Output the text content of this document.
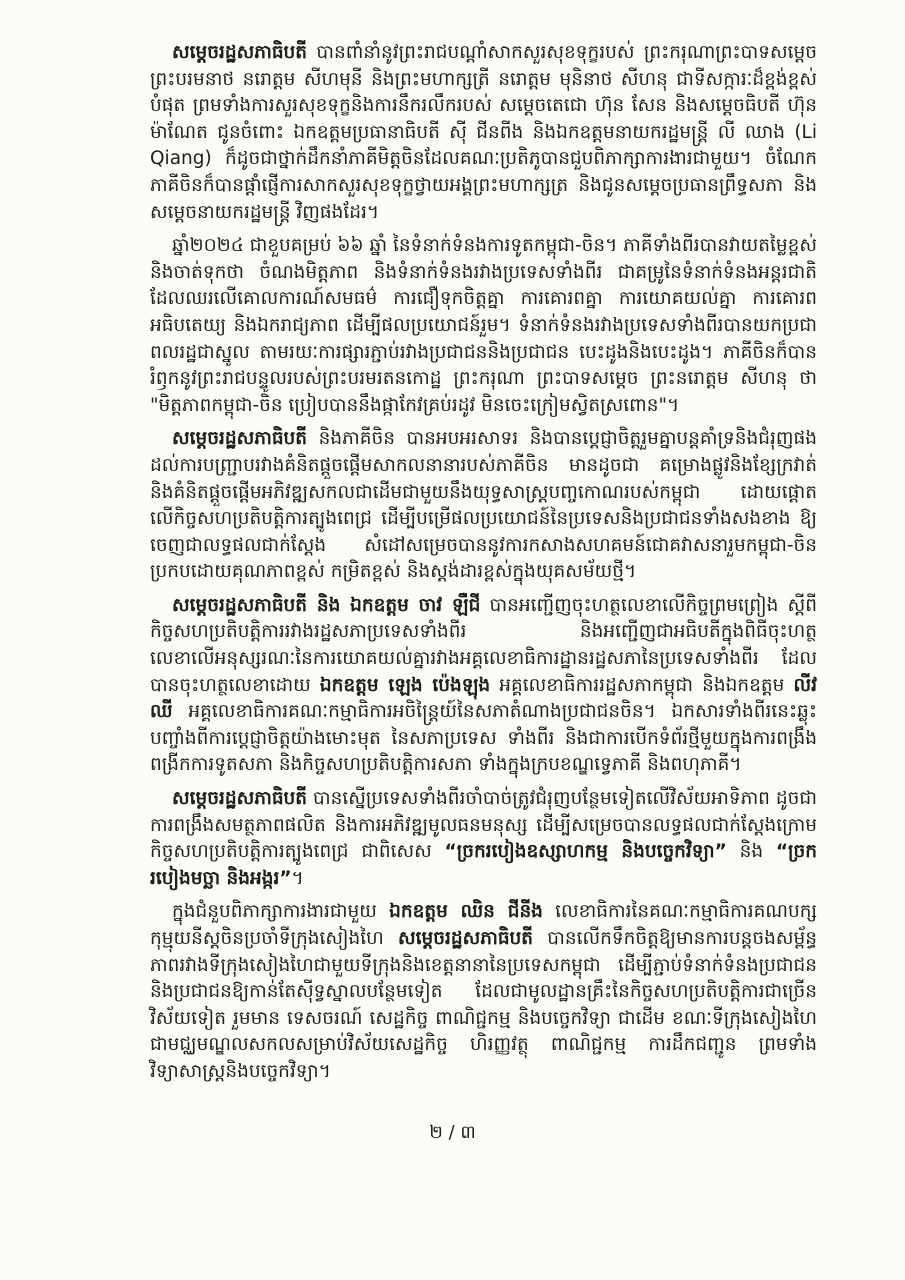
សម្តេចរដ្ឋសភាធិបតី បានពាំនាំនូវព្រះរាជបណ្តាំសាកសួរសុខទុក្ខរបស់ ព្រះករុណាព្រះបាទសម្តេចព្រះបរមនាថ នរោត្តម សីហមុនី និងព្រះមហាក្សត្រី នរោត្តម មុនិនាថ សីហនុ ជាទីសក្ការៈដ៏ខ្ពង់ខ្ពស់បំផុត ព្រមទាំងការសួរសុខទុក្ខនិងការនឹករលឹករបស់ សម្តេចតេជោ ហ៊ុន សែន និងសម្តេចធិបតី ហ៊ុន ម៉ាណែត ជូនចំពោះ ឯកឧត្តមប្រធានាធិបតី ស៊ី ជីនពីង និងឯកឧត្តមនាយករដ្ឋមន្រ្តី លី ឈាង (Li Qiang) ក៏ដូចជាថ្នាក់ដឹកនាំភាគីមិត្តចិនដែលគណៈប្រតិភូបានជួបពិភាក្សាការងារជាមួយ។ ចំណែកភាគីចិនក៏បានផ្តាំផ្ញើការសាកសួរសុខទុក្ខថ្វាយអង្គព្រះមហាក្សត្រ និងជូនសម្តេចប្រធានព្រឹទ្ធសភា និងសម្តេចនាយករដ្ឋមន្ត្រី វិញផងដែរ។

ឆ្នាំ២០២៤ ជាខួបគម្រប់ ៦៦ ឆ្នាំ នៃទំនាក់ទំនងការទូតកម្ពុជា-ចិន។ ភាគីទាំងពីរបានវាយតម្លៃខ្ពស់ និងចាត់ទុកថា ចំណងមិត្តភាព និងទំនាក់ទំនងរវាងប្រទេសទាំងពីរ ជាគម្រូនៃទំនាក់ទំនងអន្តរជាតិ ដែលឈរលើគោលការណ៍សមធម៌ ការជឿទុកចិត្តគ្នា ការគោរពគ្នា ការយោគយល់គ្នា ការគោរពអធិបតេយ្យ និងឯករាជ្យភាព ដើម្បីផលប្រយោជន៍រួម។ ទំនាក់ទំនងរវាងប្រទេសទាំងពីរបានយកប្រជាពលរដ្ឋជាស្នូល តាមរយៈការផ្សារភ្ជាប់រវាងប្រជាជននិងប្រជាជន បេះដូងនិងបេះដូង។ ភាគីចិនក៏បានរំឭកនូវព្រះរាជបន្ទូលរបស់ព្រះបរមរតនកោដ្ឋ ព្រះករុណា ព្រះបាទសម្តេច ព្រះនរោត្តម សីហនុ ថា "មិត្តភាពកម្ពុជា-ចិន ប្រៀបបាននឹងផ្កាកែវគ្រប់រដូវ មិនចេះក្រៀមស្វិតស្រពោន"។

សម្តេចរដ្ឋសភាធិបតី និងភាគីចិន បានអបអរសាទរ និងបានប្តេជ្ញាចិត្តរួមគ្នាបន្តគាំទ្រនិងជំរុញផងដល់ការបញ្ជ្រាបរវាងគំនិតផ្តួចផ្តើមសាកលនានារបស់ភាគីចិន មានដូចជា គម្រោងផ្លូវនិងខ្សែក្រវាត់ និងគំនិតផ្តួចផ្តើមអភិវឌ្ឍសកលជាដើមជាមួយនឹងយុទ្ធសាស្រ្តបញ្ចកោណរបស់កម្ពុជា ដោយផ្តោតលើកិច្ចសហប្រតិបត្តិការត្បូងពេជ្រ ដើម្បីបម្រើផលប្រយោជន៍នៃប្រទេសនិងប្រជាជនទាំងសងខាង ឱ្យចេញជាលទ្ធផលជាក់ស្តែង សំដៅសម្រេចបាននូវការកសាងសហគមន៍ជោគវាសនារួមកម្ពុជា-ចិន ប្រកបដោយគុណភាពខ្ពស់ កម្រិតខ្ពស់ និងស្តង់ដារខ្ពស់ក្នុងយុគសម័យថ្មី។

សម្តេចរដ្ឋសភាធិបតី និង ឯកឧត្តម ចាវ ឡឺជី បានអញ្ជើញចុះហត្ថលេខាលើកិច្ចព្រមព្រៀង ស្តីពីកិច្ចសហប្រតិបត្តិការរវាងរដ្ឋសភាប្រទេសទាំងពីរ និងអញ្ជើញជាអធិបតីក្នុងពិធីចុះហត្ថលេខាលើអនុស្សរណៈនៃការយោគយល់គ្នារវាងអគ្គលេខាធិការដ្ឋានរដ្ឋសភានៃប្រទេសទាំងពីរ ដែលបានចុះហត្ថលេខាដោយ ឯកឧត្តម ឡេង ប៉េងឡុង អគ្គលេខាធិការរដ្ឋសភាកម្ពុជា និងឯកឧត្តម លីវ ឈី អគ្គលេខាធិការគណៈកម្មាធិការអចិន្ត្រៃយ៍នៃសភាតំណាងប្រជាជនចិន។ ឯកសារទាំងពីរនេះឆ្លុះបញ្ចាំងពីការប្តេជ្ញាចិត្តយ៉ាងមោះមុត នៃសភាប្រទេស ទាំងពីរ និងជាការបើកទំព័រថ្មីមួយក្នុងការពង្រឹងពង្រីកការទូតសភា និងកិច្ចសហប្រតិបត្តិការសភា ទាំងក្នុងក្របខណ្ឌទ្វេភាគី និងពហុភាគី។

សម្តេចរដ្ឋសភាធិបតី បានស្នើប្រទេសទាំងពីរចាំបាច់ត្រូវជំរុញបន្ថែមទៀតលើវិស័យអាទិភាព ដូចជា ការពង្រឹងសមត្ថភាពផលិត និងការអភិវឌ្ឍមូលធនមនុស្ស ដើម្បីសម្រេចបានលទ្ធផលជាក់ស្តែងក្រោមកិច្ចសហប្រតិបត្តិការត្បូងពេជ្រ ជាពិសេស “ច្រករបៀងឧស្សាហកម្ម និងបច្ចេកវិទ្យា” និង “ច្រករបៀងមច្ឆា និងអង្ករ”។

ក្នុងជំនួបពិភាក្សាការងារជាមួយ ឯកឧត្តម ឈិន ជីនីង លេខាធិការនៃគណៈកម្មាធិការគណបក្សកុម្មុយនីស្តចិនប្រចាំទីក្រុងសៀងហៃ សម្តេចរដ្ឋសភាធិបតី បានលើកទឹកចិត្តឱ្យមានការបន្តចងសម្ព័ន្ធភាពរវាងទីក្រុងសៀងហៃជាមួយទីក្រុងនិងខេត្តនានានៃប្រទេសកម្ពុជា ដើម្បីភ្ជាប់ទំនាក់ទំនងប្រជាជននិងប្រជាជនឱ្យកាន់តែស៊ីទ្វស្នាលបន្ថែមទៀត ដែលជាមូលដ្ឋានគ្រឹះនៃកិច្ចសហប្រតិបត្តិការជាច្រើនវិស័យទៀត រួមមាន ទេសចរណ៍ សេដ្ឋកិច្ច ពាណិជ្ជកម្ម និងបច្ចេកវិទ្យា ជាដើម ខណៈទីក្រុងសៀងហៃ ជាមជ្ឈមណ្ឌលសកលសម្រាប់វិស័យសេដ្ឋកិច្ច ហិរញ្ញវត្ថុ ពាណិជ្ជកម្ម ការដឹកជញ្ជូន ព្រមទាំងវិទ្យាសាស្ត្រនិងបច្ចេកវិទ្យា។

២ / ៣
